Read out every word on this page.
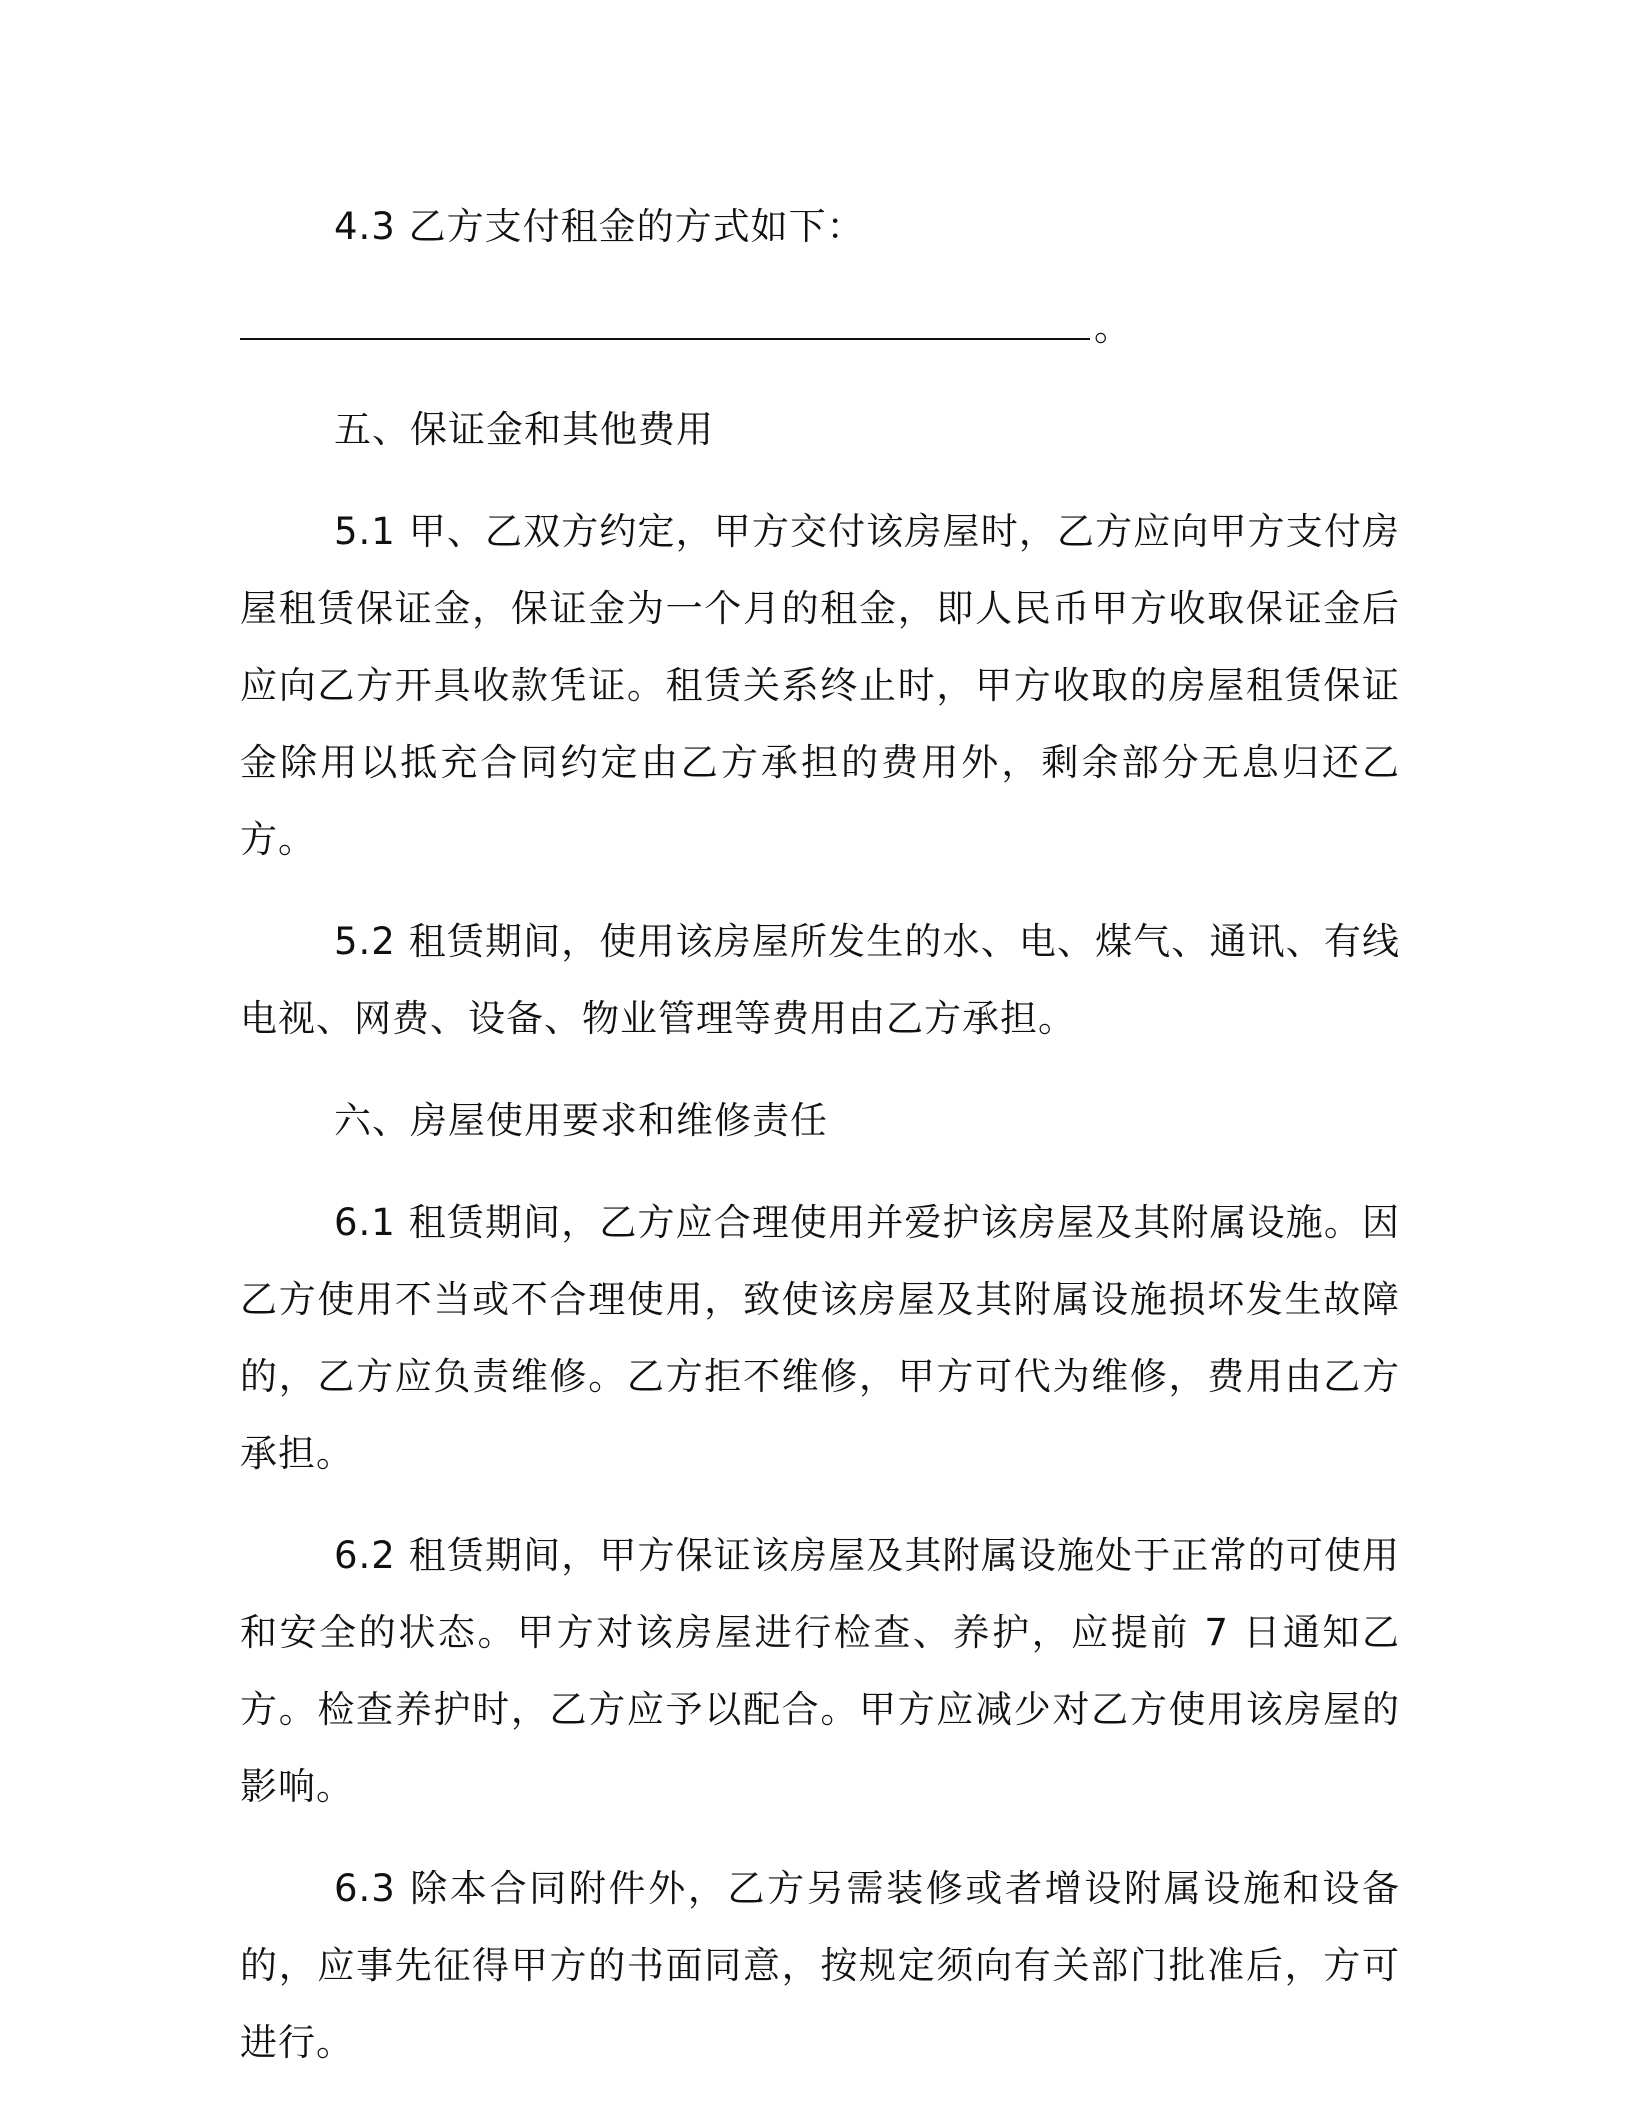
4.3 乙方支付租金的方式如下：

。

五、保证金和其他费用

5.1 甲、乙双方约定，甲方交付该房屋时，乙方应向甲方支付房屋租赁保证金，保证金为一个月的租金，即人民币甲方收取保证金后应向乙方开具收款凭证。租赁关系终止时，甲方收取的房屋租赁保证金除用以抵充合同约定由乙方承担的费用外，剩余部分无息归还乙方。

5.2 租赁期间，使用该房屋所发生的水、电、煤气、通讯、有线电视、网费、设备、物业管理等费用由乙方承担。

六、房屋使用要求和维修责任

6.1 租赁期间，乙方应合理使用并爱护该房屋及其附属设施。因乙方使用不当或不合理使用，致使该房屋及其附属设施损坏发生故障的，乙方应负责维修。乙方拒不维修，甲方可代为维修，费用由乙方承担。

6.2 租赁期间，甲方保证该房屋及其附属设施处于正常的可使用和安全的状态。甲方对该房屋进行检查、养护，应提前 7 日通知乙方。检查养护时，乙方应予以配合。甲方应减少对乙方使用该房屋的影响。

6.3 除本合同附件外，乙方另需装修或者增设附属设施和设备的，应事先征得甲方的书面同意，按规定须向有关部门批准后，方可进行。
